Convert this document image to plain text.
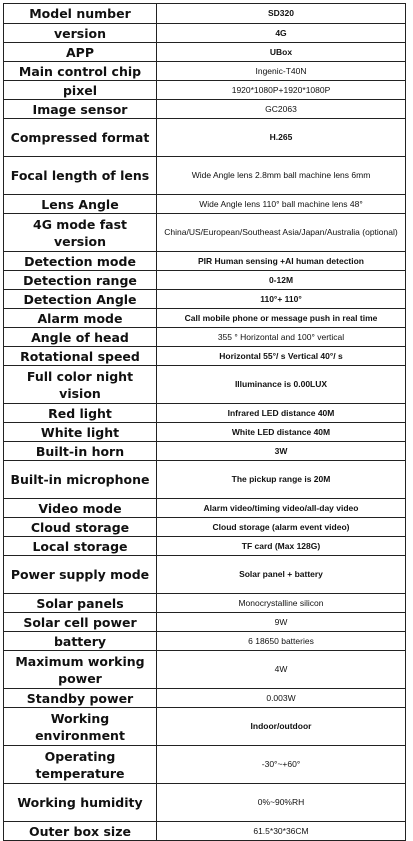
Model number	SD320
version	4G
APP	UBox
Main control chip	Ingenic-T40N
pixel	1920*1080P+1920*1080P
Image sensor	GC2063
Compressed format	H.265
Focal length of lens	Wide Angle lens 2.8mm ball machine lens 6mm
Lens Angle	Wide Angle lens 110° ball machine lens 48°
4G mode fast version	China/US/European/Southeast Asia/Japan/Australia (optional)
Detection mode	PIR Human sensing +AI human detection
Detection range	0-12M
Detection Angle	110°+ 110°
Alarm mode	Call mobile phone or message push in real time
Angle of head	355 ° Horizontal and 100° vertical
Rotational speed	Horizontal 55°/ s Vertical 40°/ s
Full color night vision	Illuminance is 0.00LUX
Red light	Infrared LED distance 40M
White light	White LED distance 40M
Built-in horn	3W
Built-in microphone	The pickup range is 20M
Video mode	Alarm video/timing video/all-day video
Cloud storage	Cloud storage (alarm event video)
Local storage	TF card (Max 128G)
Power supply mode	Solar panel + battery
Solar panels	Monocrystalline silicon
Solar cell power	9W
battery	6 18650 batteries
Maximum working power	4W
Standby power	0.003W
Working environment	Indoor/outdoor
Operating temperature	-30°~+60°
Working humidity	0%~90%RH
Outer box size	61.5*30*36CM
